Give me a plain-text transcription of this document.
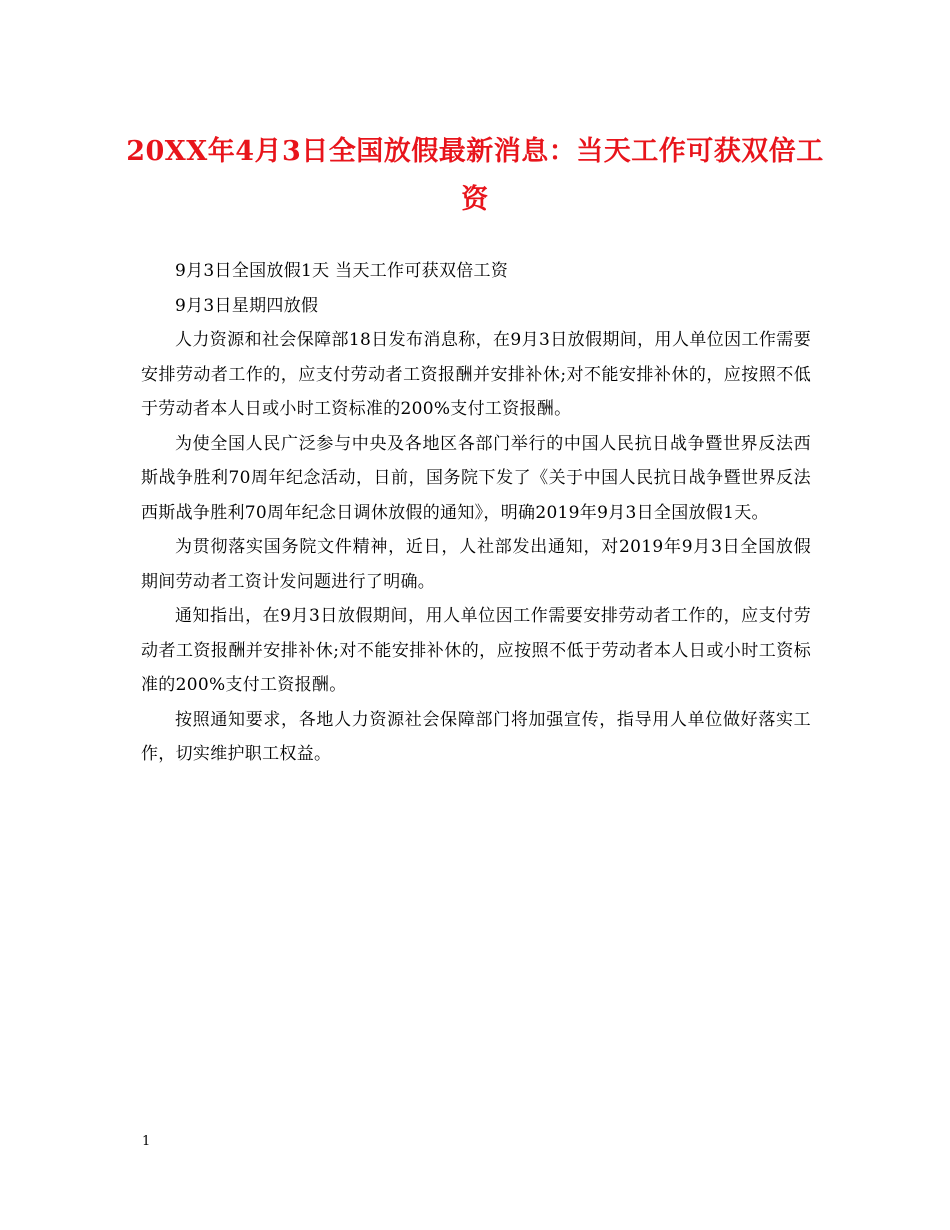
20XX年4月3日全国放假最新消息：当天工作可获双倍工资

9月3日全国放假1天 当天工作可获双倍工资

9月3日星期四放假

人力资源和社会保障部18日发布消息称，在9月3日放假期间，用人单位因工作需要安排劳动者工作的，应支付劳动者工资报酬并安排补休;对不能安排补休的，应按照不低于劳动者本人日或小时工资标准的200%支付工资报酬。

为使全国人民广泛参与中央及各地区各部门举行的中国人民抗日战争暨世界反法西斯战争胜利70周年纪念活动，日前，国务院下发了《关于中国人民抗日战争暨世界反法西斯战争胜利70周年纪念日调休放假的通知》，明确2019年9月3日全国放假1天。

为贯彻落实国务院文件精神，近日，人社部发出通知，对2019年9月3日全国放假期间劳动者工资计发问题进行了明确。

通知指出，在9月3日放假期间，用人单位因工作需要安排劳动者工作的，应支付劳动者工资报酬并安排补休;对不能安排补休的，应按照不低于劳动者本人日或小时工资标准的200%支付工资报酬。

按照通知要求，各地人力资源社会保障部门将加强宣传，指导用人单位做好落实工作，切实维护职工权益。

1
